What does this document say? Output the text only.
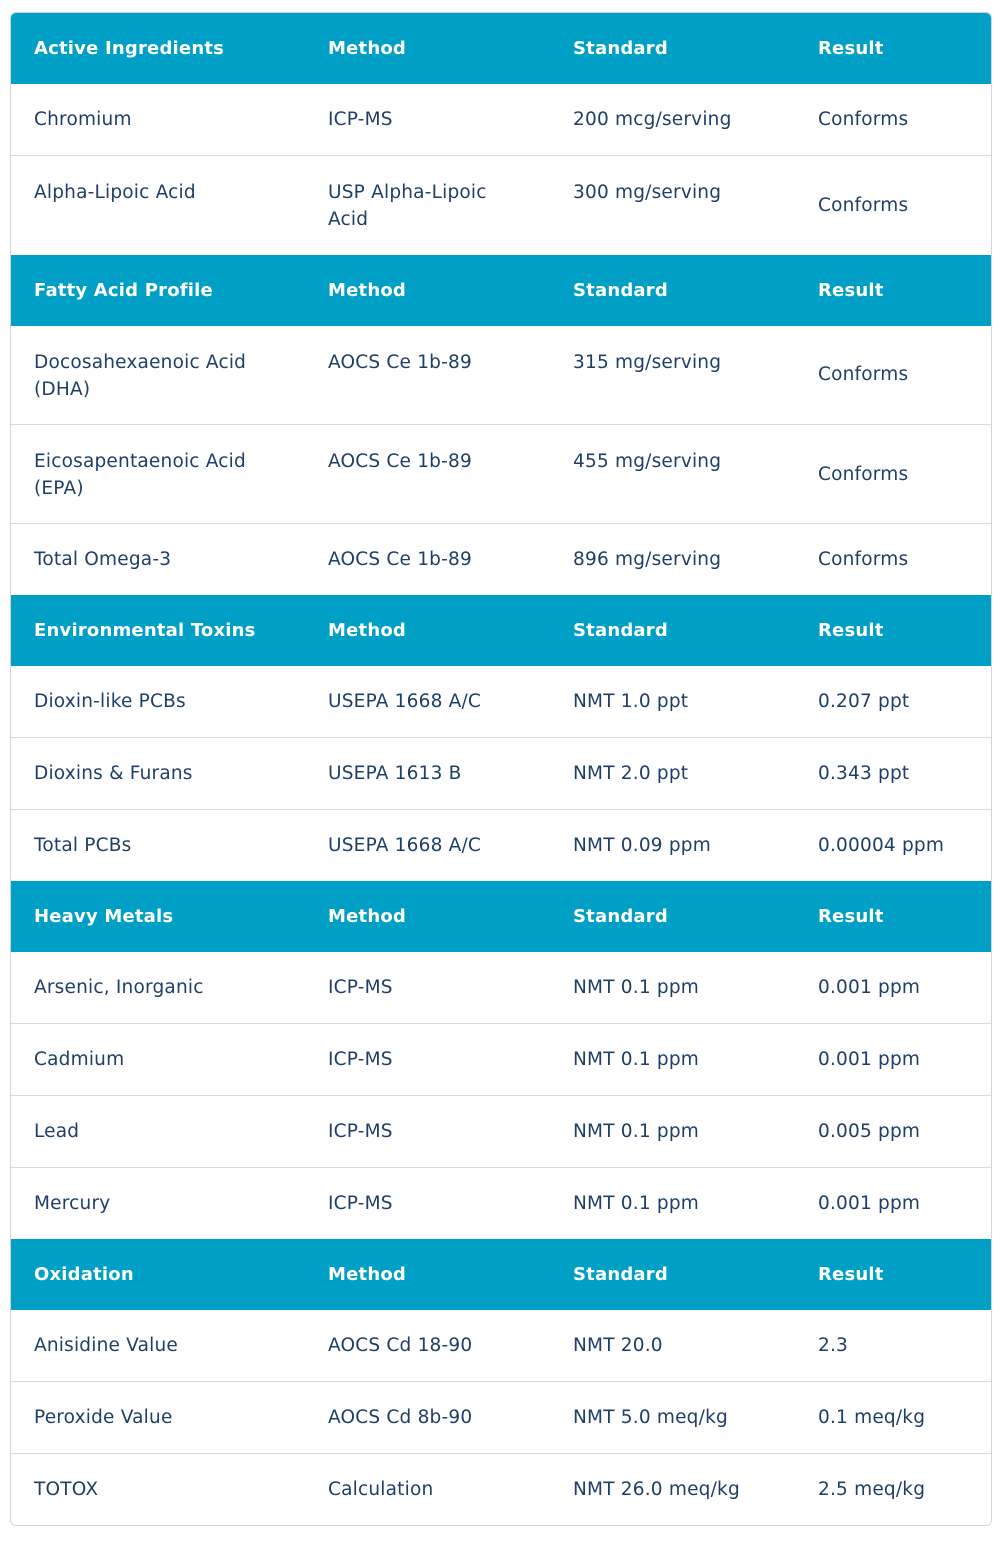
Active Ingredients	Method	Standard	Result
Chromium	ICP-MS	200 mcg/serving	Conforms
Alpha-Lipoic Acid	USP Alpha-Lipoic Acid	300 mg/serving	Conforms
Fatty Acid Profile	Method	Standard	Result
Docosahexaenoic Acid (DHA)	AOCS Ce 1b-89	315 mg/serving	Conforms
Eicosapentaenoic Acid (EPA)	AOCS Ce 1b-89	455 mg/serving	Conforms
Total Omega-3	AOCS Ce 1b-89	896 mg/serving	Conforms
Environmental Toxins	Method	Standard	Result
Dioxin-like PCBs	USEPA 1668 A/C	NMT 1.0 ppt	0.207 ppt
Dioxins & Furans	USEPA 1613 B	NMT 2.0 ppt	0.343 ppt
Total PCBs	USEPA 1668 A/C	NMT 0.09 ppm	0.00004 ppm
Heavy Metals	Method	Standard	Result
Arsenic, Inorganic	ICP-MS	NMT 0.1 ppm	0.001 ppm
Cadmium	ICP-MS	NMT 0.1 ppm	0.001 ppm
Lead	ICP-MS	NMT 0.1 ppm	0.005 ppm
Mercury	ICP-MS	NMT 0.1 ppm	0.001 ppm
Oxidation	Method	Standard	Result
Anisidine Value	AOCS Cd 18-90	NMT 20.0	2.3
Peroxide Value	AOCS Cd 8b-90	NMT 5.0 meq/kg	0.1 meq/kg
TOTOX	Calculation	NMT 26.0 meq/kg	2.5 meq/kg
